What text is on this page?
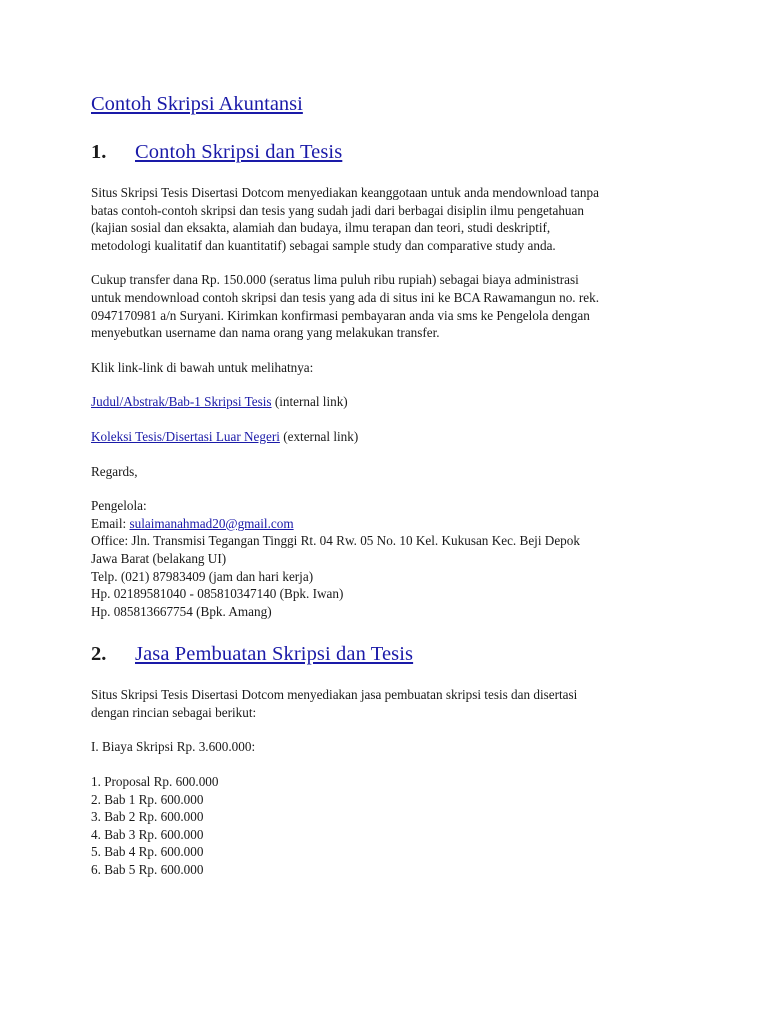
Contoh Skripsi Akuntansi
1.	Contoh Skripsi dan Tesis

Situs Skripsi Tesis Disertasi Dotcom menyediakan keanggotaan untuk anda mendownload tanpa
batas contoh-contoh skripsi dan tesis yang sudah jadi dari berbagai disiplin ilmu pengetahuan
(kajian sosial dan eksakta, alamiah dan budaya, ilmu terapan dan teori, studi deskriptif,
metodologi kualitatif dan kuantitatif) sebagai sample study dan comparative study anda.

Cukup transfer dana Rp. 150.000 (seratus lima puluh ribu rupiah) sebagai biaya administrasi
untuk mendownload contoh skripsi dan tesis yang ada di situs ini ke BCA Rawamangun no. rek.
0947170981 a/n Suryani. Kirimkan konfirmasi pembayaran anda via sms ke Pengelola dengan
menyebutkan username dan nama orang yang melakukan transfer.

Klik link-link di bawah untuk melihatnya:

Judul/Abstrak/Bab-1 Skripsi Tesis (internal link)

Koleksi Tesis/Disertasi Luar Negeri (external link)

Regards,

Pengelola:
Email: sulaimanahmad20@gmail.com
Office: Jln. Transmisi Tegangan Tinggi Rt. 04 Rw. 05 No. 10 Kel. Kukusan Kec. Beji Depok
Jawa Barat (belakang UI)
Telp. (021) 87983409 (jam dan hari kerja)
Hp. 02189581040 - 085810347140 (Bpk. Iwan)
Hp. 085813667754 (Bpk. Amang)

2.	Jasa Pembuatan Skripsi dan Tesis

Situs Skripsi Tesis Disertasi Dotcom menyediakan jasa pembuatan skripsi tesis dan disertasi
dengan rincian sebagai berikut:

I. Biaya Skripsi Rp. 3.600.000:

1. Proposal Rp. 600.000
2. Bab 1 Rp. 600.000
3. Bab 2 Rp. 600.000
4. Bab 3 Rp. 600.000
5. Bab 4 Rp. 600.000
6. Bab 5 Rp. 600.000
